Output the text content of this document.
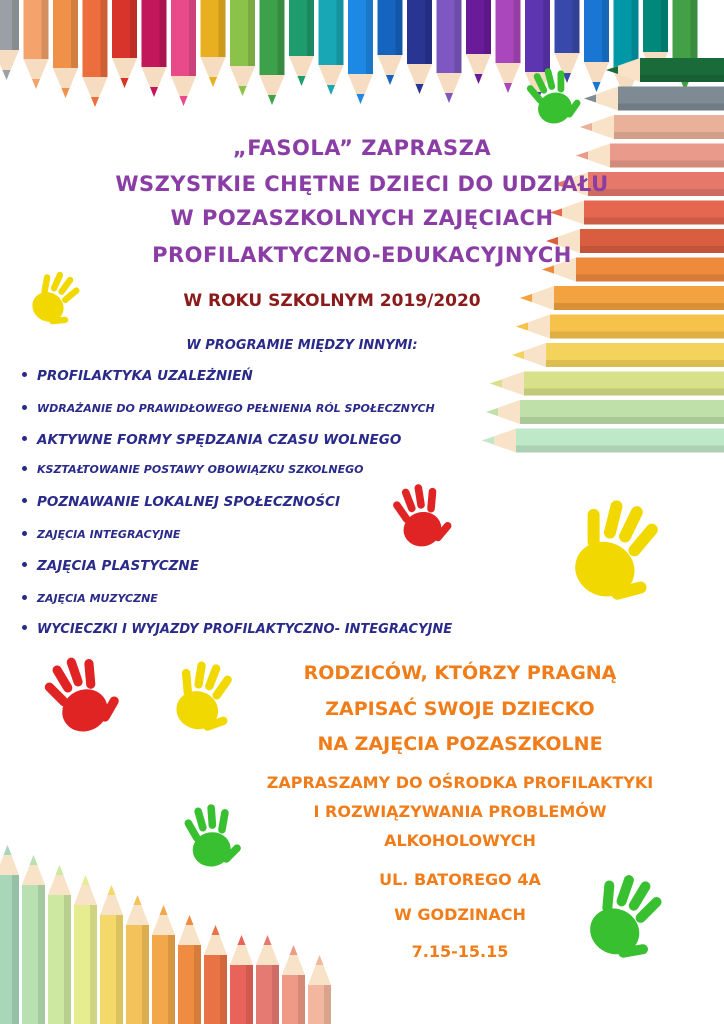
„FASOLA” ZAPRASZA
WSZYSTKIE CHĘTNE DZIECI DO UDZIAŁU
W POZASZKOLNYCH ZAJĘCIACH
PROFILAKTYCZNO-EDUKACYJNYCH
W ROKU SZKOLNYM 2019/2020
W PROGRAMIE MIĘDZY INNYMI:
PROFILAKTYKA UZALEŻNIEŃ
WDRAŻANIE DO PRAWIDŁOWEGO PEŁNIENIA RÓL SPOŁECZNYCH
AKTYWNE FORMY SPĘDZANIA CZASU WOLNEGO
KSZTAŁTOWANIE POSTAWY OBOWIĄZKU SZKOLNEGO
POZNAWANIE LOKALNEJ SPOŁECZNOŚCI
ZAJĘCIA INTEGRACYJNE
ZAJĘCIA PLASTYCZNE
ZAJĘCIA MUZYCZNE
WYCIECZKI I WYJAZDY PROFILAKTYCZNO- INTEGRACYJNE
RODZICÓW, KTÓRZY PRAGNĄ
ZAPISAĆ SWOJE DZIECKO
NA ZAJĘCIA POZASZKOLNE
ZAPRASZAMY DO OŚRODKA PROFILAKTYKI
I ROZWIĄZYWANIA PROBLEMÓW
ALKOHOLOWYCH
UL. BATOREGO 4A
W GODZINACH
7.15-15.15
